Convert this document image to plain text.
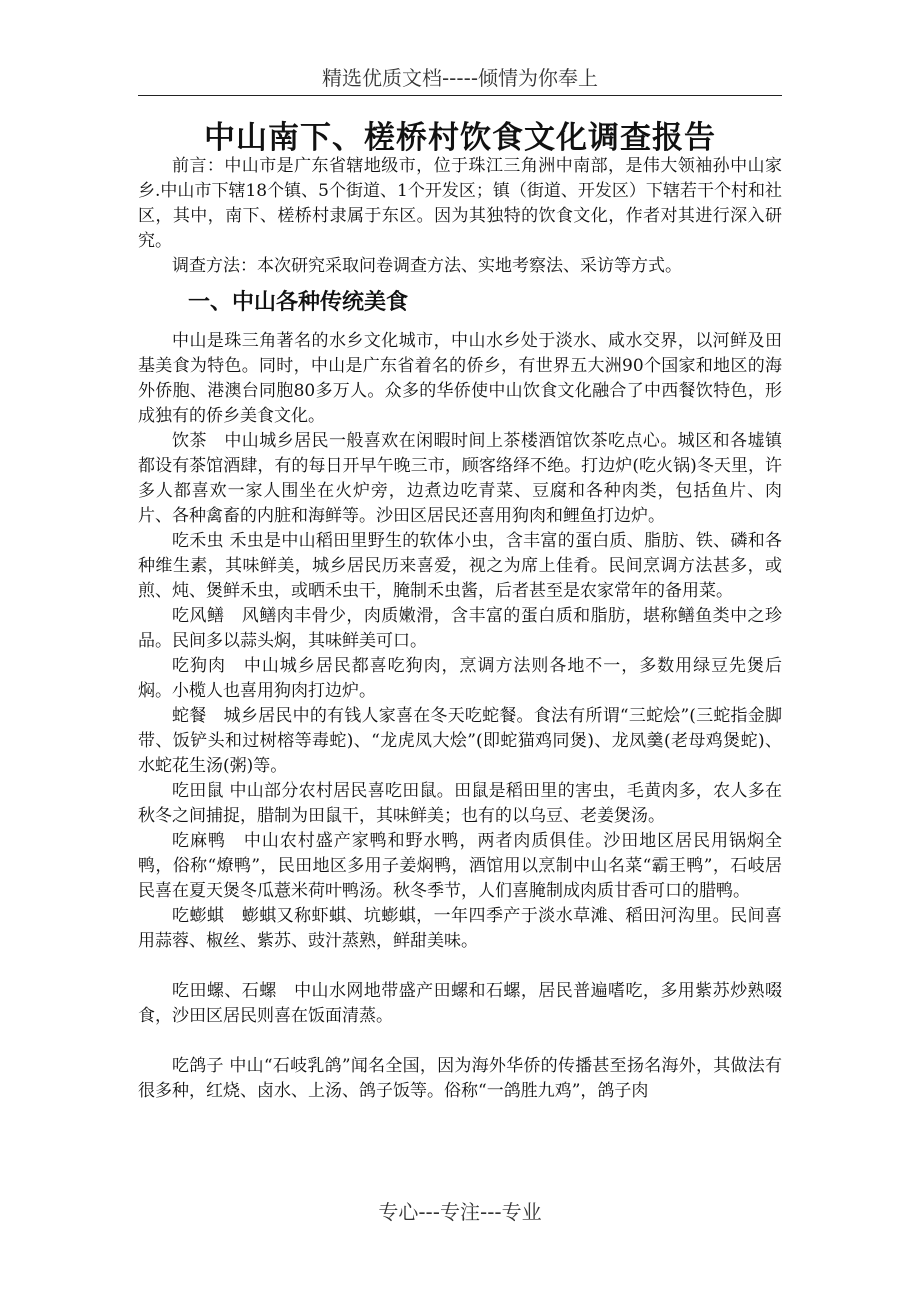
精选优质文档-----倾情为你奉上
中山南下、槎桥村饮食文化调查报告

前言：中山市是广东省辖地级市，位于珠江三角洲中南部，是伟大领袖孙中山家乡.中山市下辖18个镇、5个街道、1个开发区；镇（街道、开发区）下辖若干个村和社区，其中，南下、槎桥村隶属于东区。因为其独特的饮食文化，作者对其进行深入研究。

调查方法：本次研究采取问卷调查方法、实地考察法、采访等方式。

一、中山各种传统美食

中山是珠三角著名的水乡文化城市，中山水乡处于淡水、咸水交界，以河鲜及田基美食为特色。同时，中山是广东省着名的侨乡，有世界五大洲90个国家和地区的海外侨胞、港澳台同胞80多万人。众多的华侨使中山饮食文化融合了中西餐饮特色，形成独有的侨乡美食文化。

饮茶　中山城乡居民一般喜欢在闲暇时间上茶楼酒馆饮茶吃点心。城区和各墟镇都设有茶馆酒肆，有的每日开早午晚三市，顾客络绎不绝。打边炉(吃火锅)冬天里，许多人都喜欢一家人围坐在火炉旁，边煮边吃青菜、豆腐和各种肉类，包括鱼片、肉片、各种禽畜的内脏和海鲜等。沙田区居民还喜用狗肉和鲤鱼打边炉。

吃禾虫 禾虫是中山稻田里野生的软体小虫，含丰富的蛋白质、脂肪、铁、磷和各种维生素，其味鲜美，城乡居民历来喜爱，视之为席上佳肴。民间烹调方法甚多，或煎、炖、煲鲜禾虫，或晒禾虫干，腌制禾虫酱，后者甚至是农家常年的备用菜。

吃风鳝　风鳝肉丰骨少，肉质嫩滑，含丰富的蛋白质和脂肪，堪称鳝鱼类中之珍品。民间多以蒜头焖，其味鲜美可口。

吃狗肉　中山城乡居民都喜吃狗肉，烹调方法则各地不一，多数用绿豆先煲后焖。小榄人也喜用狗肉打边炉。

蛇餐　城乡居民中的有钱人家喜在冬天吃蛇餐。食法有所谓“三蛇烩”(三蛇指金脚带、饭铲头和过树榕等毒蛇)、“龙虎凤大烩”(即蛇猫鸡同煲)、龙凤羹(老母鸡煲蛇)、水蛇花生汤(粥)等。

吃田鼠 中山部分农村居民喜吃田鼠。田鼠是稻田里的害虫，毛黄肉多，农人多在秋冬之间捕捉，腊制为田鼠干，其味鲜美；也有的以乌豆、老姜煲汤。

吃麻鸭　中山农村盛产家鸭和野水鸭，两者肉质俱佳。沙田地区居民用锅焖全鸭，俗称“燎鸭”，民田地区多用子姜焖鸭，酒馆用以烹制中山名菜“霸王鸭”，石岐居民喜在夏天煲冬瓜薏米荷叶鸭汤。秋冬季节，人们喜腌制成肉质甘香可口的腊鸭。

吃蟛蜞　蟛蜞又称虾蜞、坑蟛蜞，一年四季产于淡水草滩、稻田河沟里。民间喜用蒜蓉、椒丝、紫苏、豉汁蒸熟，鲜甜美味。

吃田螺、石螺　中山水网地带盛产田螺和石螺，居民普遍嗜吃，多用紫苏炒熟啜食，沙田区居民则喜在饭面清蒸。

吃鸽子 中山“石岐乳鸽”闻名全国，因为海外华侨的传播甚至扬名海外，其做法有很多种，红烧、卤水、上汤、鸽子饭等。俗称“一鸽胜九鸡”，鸽子肉

专心---专注---专业
